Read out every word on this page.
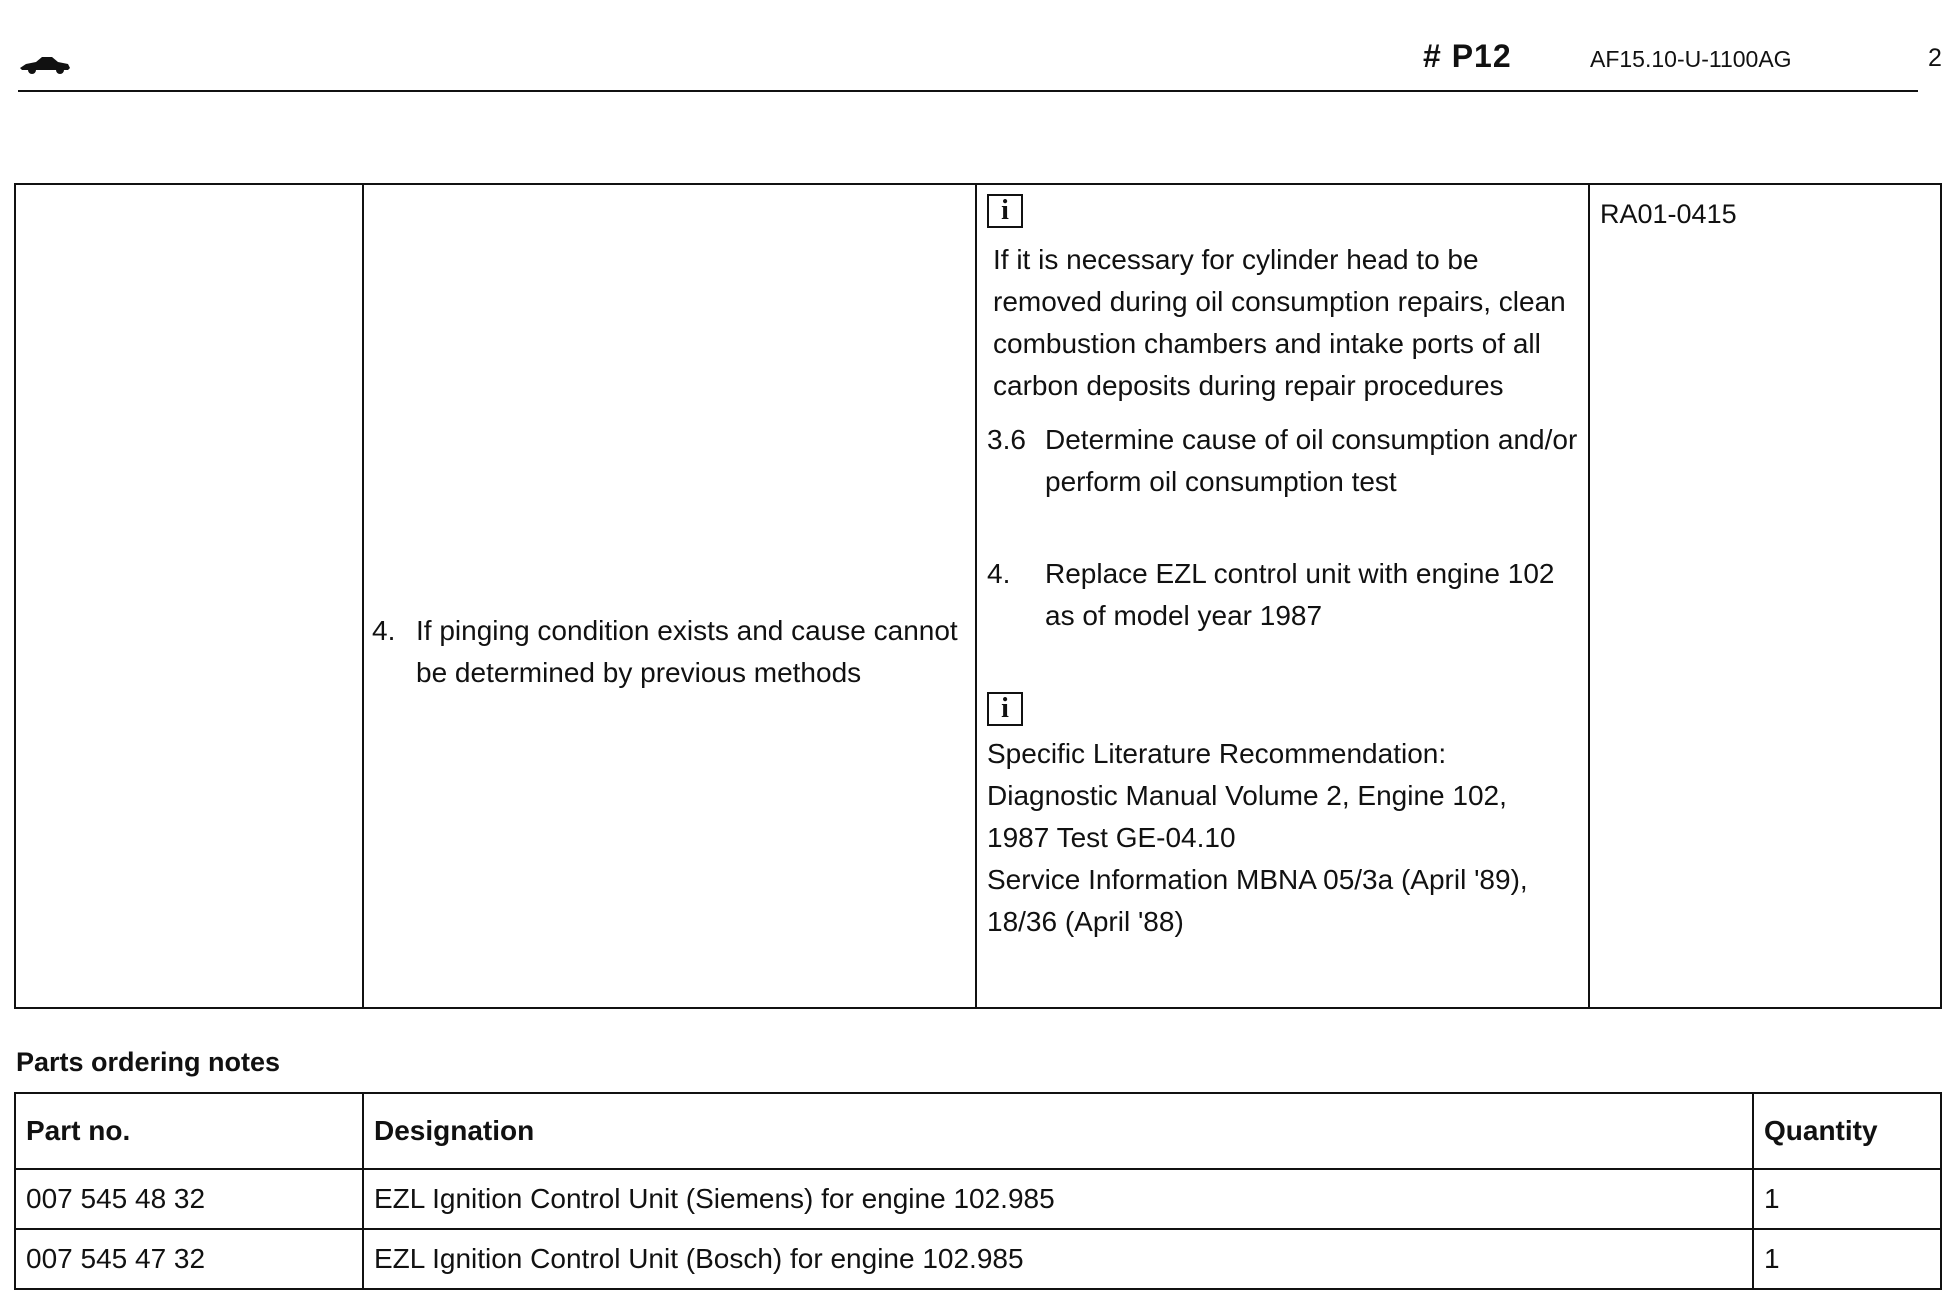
# P12	AF15.10-U-1100AG	2

4. If pinging condition exists and cause cannot be determined by previous methods

i
If it is necessary for cylinder head to be removed during oil consumption repairs, clean combustion chambers and intake ports of all carbon deposits during repair procedures
3.6 Determine cause of oil consumption and/or perform oil consumption test
4.	Replace EZL control unit with engine 102 as of model year 1987
i
Specific Literature Recommendation:
Diagnostic Manual Volume 2, Engine 102,
1987 Test GE-04.10
Service Information MBNA 05/3a (April '89), 18/36 (April '88)

RA01-0415
Parts ordering notes
Part no.	Designation	Quantity
007 545 48 32	EZL Ignition Control Unit (Siemens) for engine 102.985	1
007 545 47 32	EZL Ignition Control Unit (Bosch) for engine 102.985	1
